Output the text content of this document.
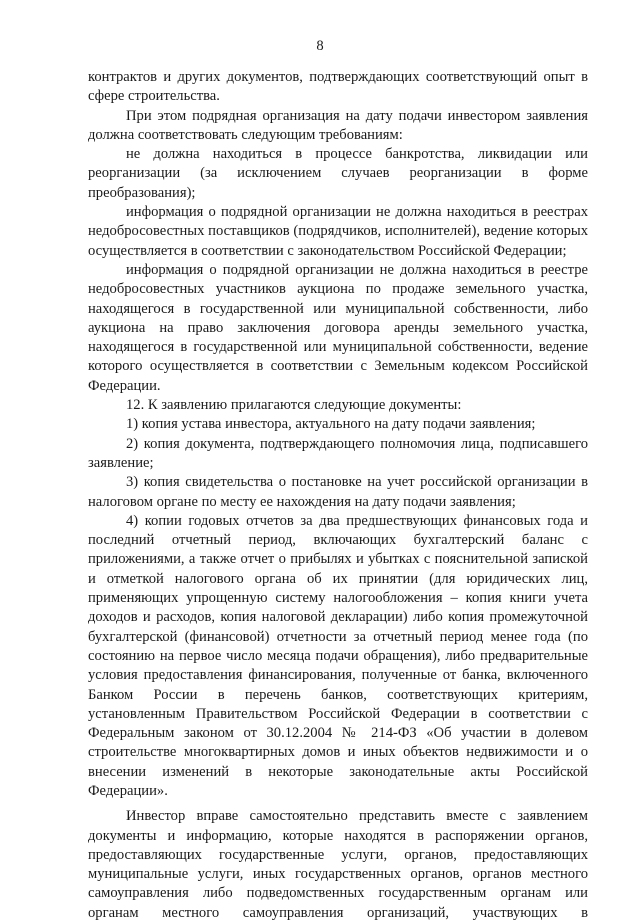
8

контрактов и других документов, подтверждающих соответствующий опыт в сфере строительства.

При этом подрядная организация на дату подачи инвестором заявления должна соответствовать следующим требованиям:

не должна находиться в процессе банкротства, ликвидации или реорганизации (за исключением случаев реорганизации в форме преобразования);

информация о подрядной организации не должна находиться в реестрах недобросовестных поставщиков (подрядчиков, исполнителей), ведение которых осуществляется в соответствии с законодательством Российской Федерации;

информация о подрядной организации не должна находиться в реестре недобросовестных участников аукциона по продаже земельного участка, находящегося в государственной или муниципальной собственности, либо аукциона на право заключения договора аренды земельного участка, находящегося в государственной или муниципальной собственности, ведение которого осуществляется в соответствии с Земельным кодексом Российской Федерации.

12. К заявлению прилагаются следующие документы:

1) копия устава инвестора, актуального на дату подачи заявления;

2) копия документа, подтверждающего полномочия лица, подписавшего заявление;

3) копия свидетельства о постановке на учет российской организации в налоговом органе по месту ее нахождения на дату подачи заявления;

4) копии годовых отчетов за два предшествующих финансовых года и последний отчетный период, включающих бухгалтерский баланс с приложениями, а также отчет о прибылях и убытках с пояснительной запиской и отметкой налогового органа об их принятии (для юридических лиц, применяющих упрощенную систему налогообложения – копия книги учета доходов и расходов, копия налоговой декларации) либо копия промежуточной бухгалтерской (финансовой) отчетности за отчетный период менее года (по состоянию на первое число месяца подачи обращения), либо предварительные условия предоставления финансирования, полученные от банка, включенного Банком России в перечень банков, соответствующих критериям, установленным Правительством Российской Федерации в соответствии с Федеральным законом от 30.12.2004 № 214-ФЗ «Об участии в долевом строительстве многоквартирных домов и иных объектов недвижимости и о внесении изменений в некоторые законодательные акты Российской Федерации».

Инвестор вправе самостоятельно представить вместе с заявлением документы и информацию, которые находятся в распоряжении органов, предоставляющих государственные услуги, органов, предоставляющих муниципальные услуги, иных государственных органов, органов местного самоуправления либо подведомственных государственным органам или органам местного самоуправления организаций, участвующих в
